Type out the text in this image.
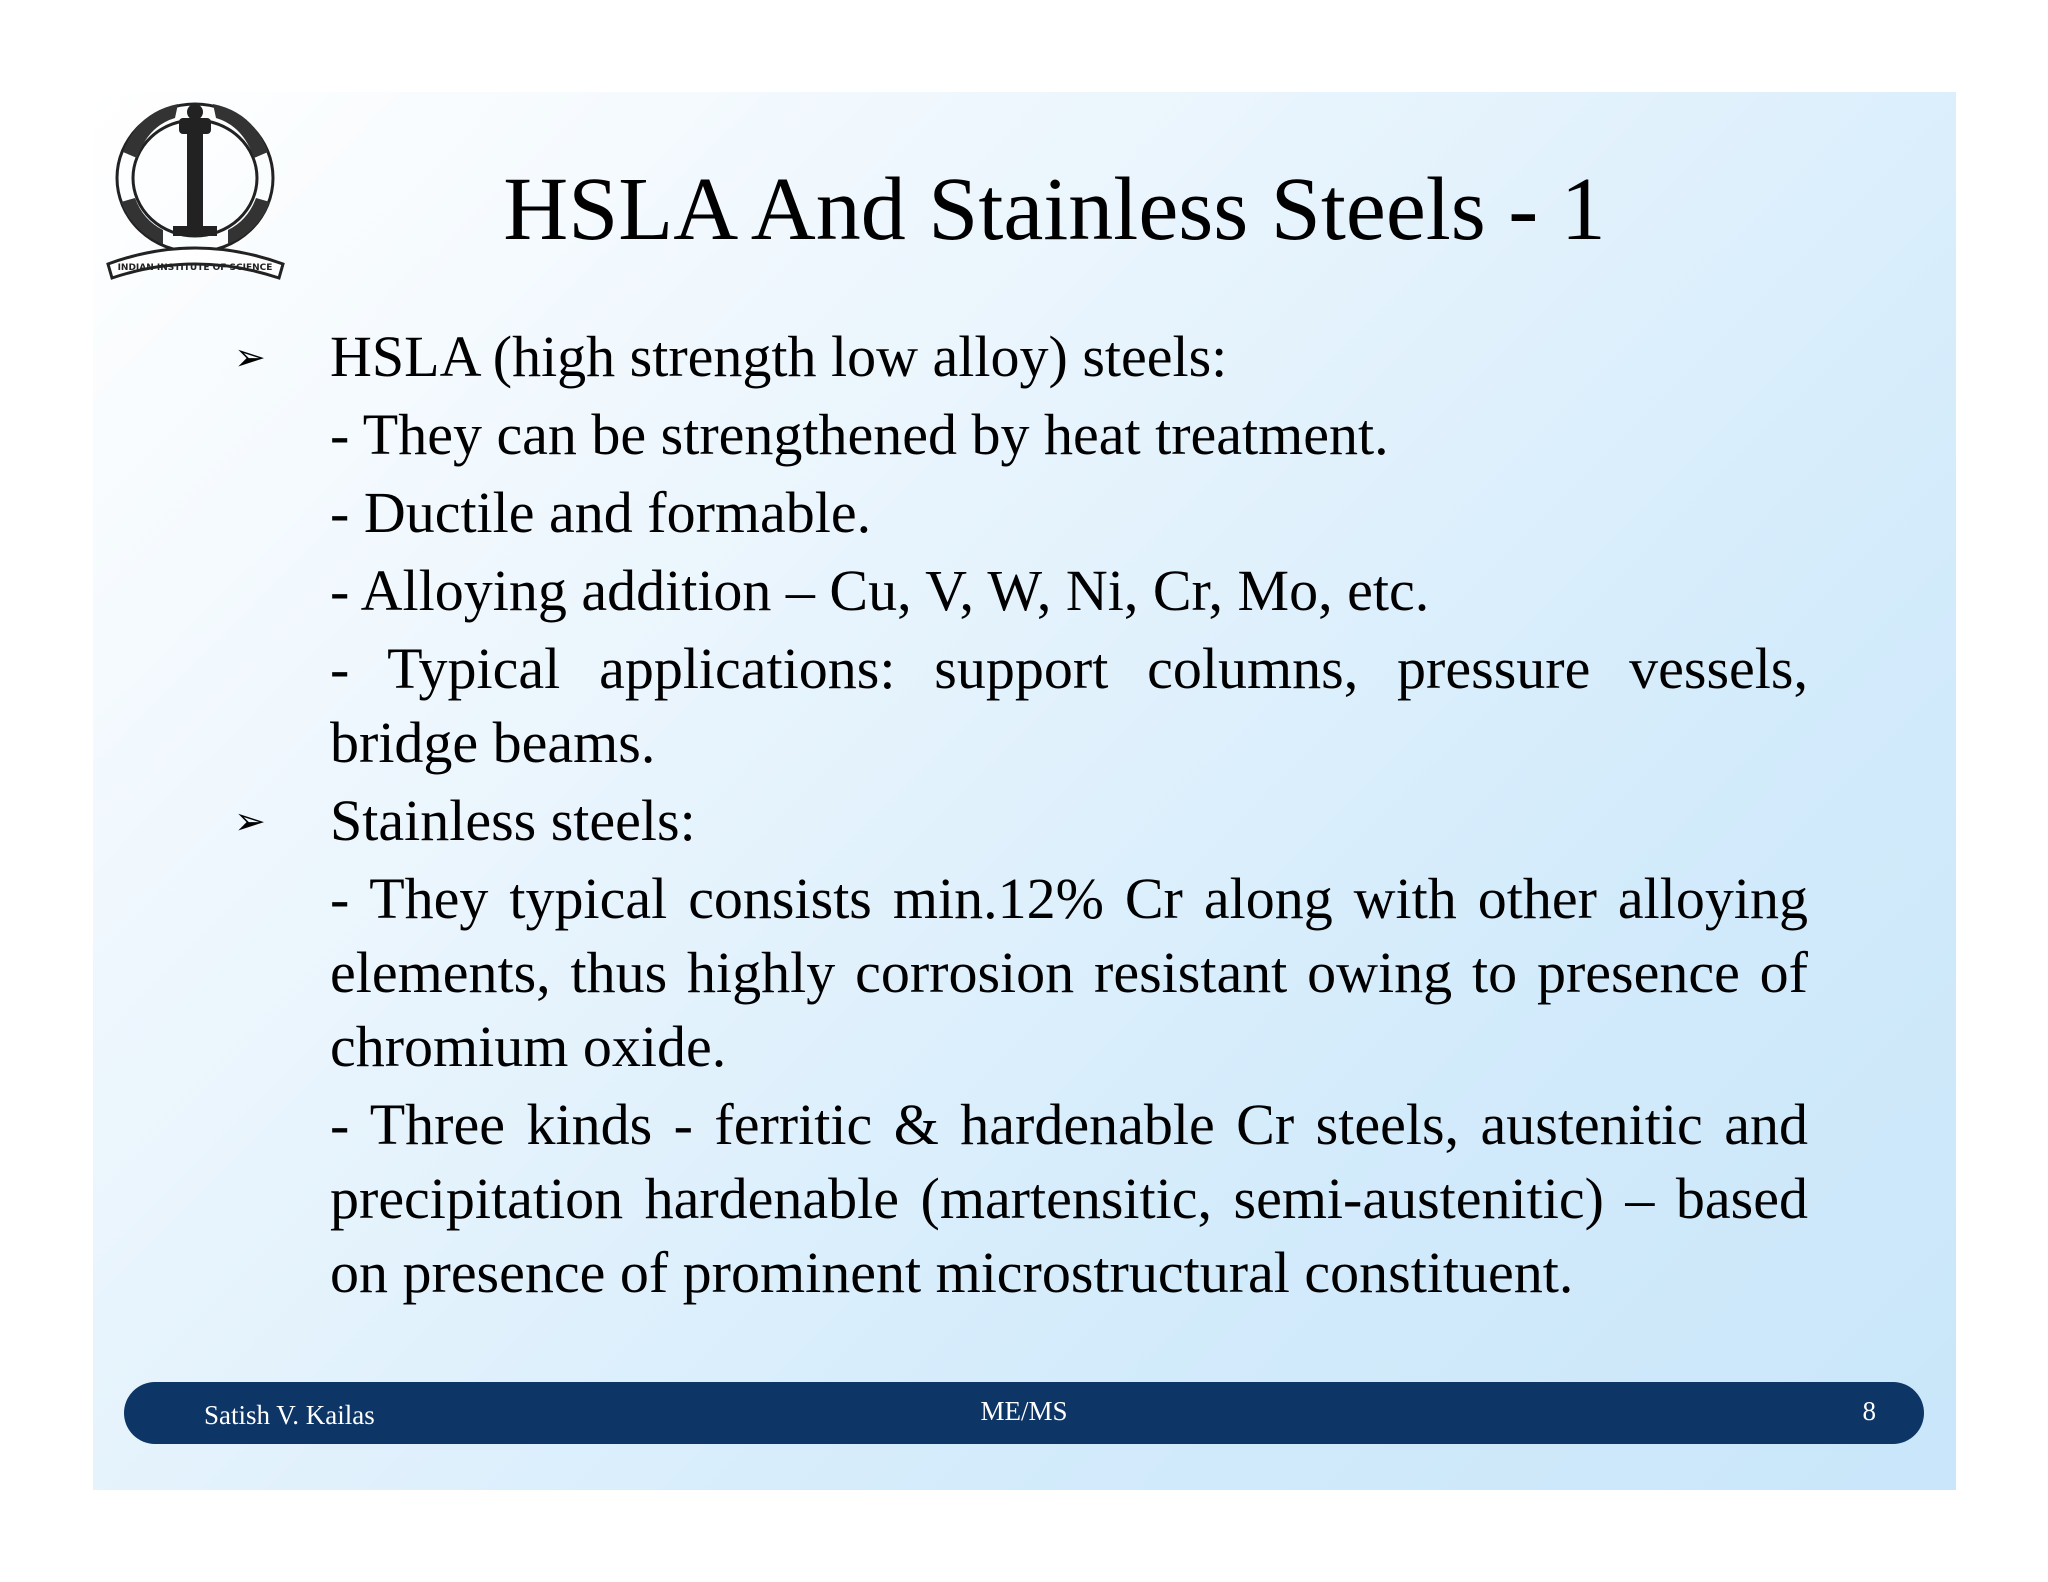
INDIAN INSTITUTE OF SCIENCE
HSLA And Stainless Steels - 1
➢ HSLA (high strength low alloy) steels:

- They can be strengthened by heat treatment.

- Ductile and formable.

- Alloying addition – Cu, V, W, Ni, Cr, Mo, etc.

- Typical applications: support columns, pressure vessels, bridge beams.

➢ Stainless steels:

- They typical consists min.12% Cr along with other alloying elements, thus highly corrosion resistant owing to presence of chromium oxide.

- Three kinds - ferritic & hardenable Cr steels, austenitic and precipitation hardenable (martensitic, semi-austenitic) – based on presence of prominent microstructural constituent.

Satish V. Kailas	ME/MS	8
